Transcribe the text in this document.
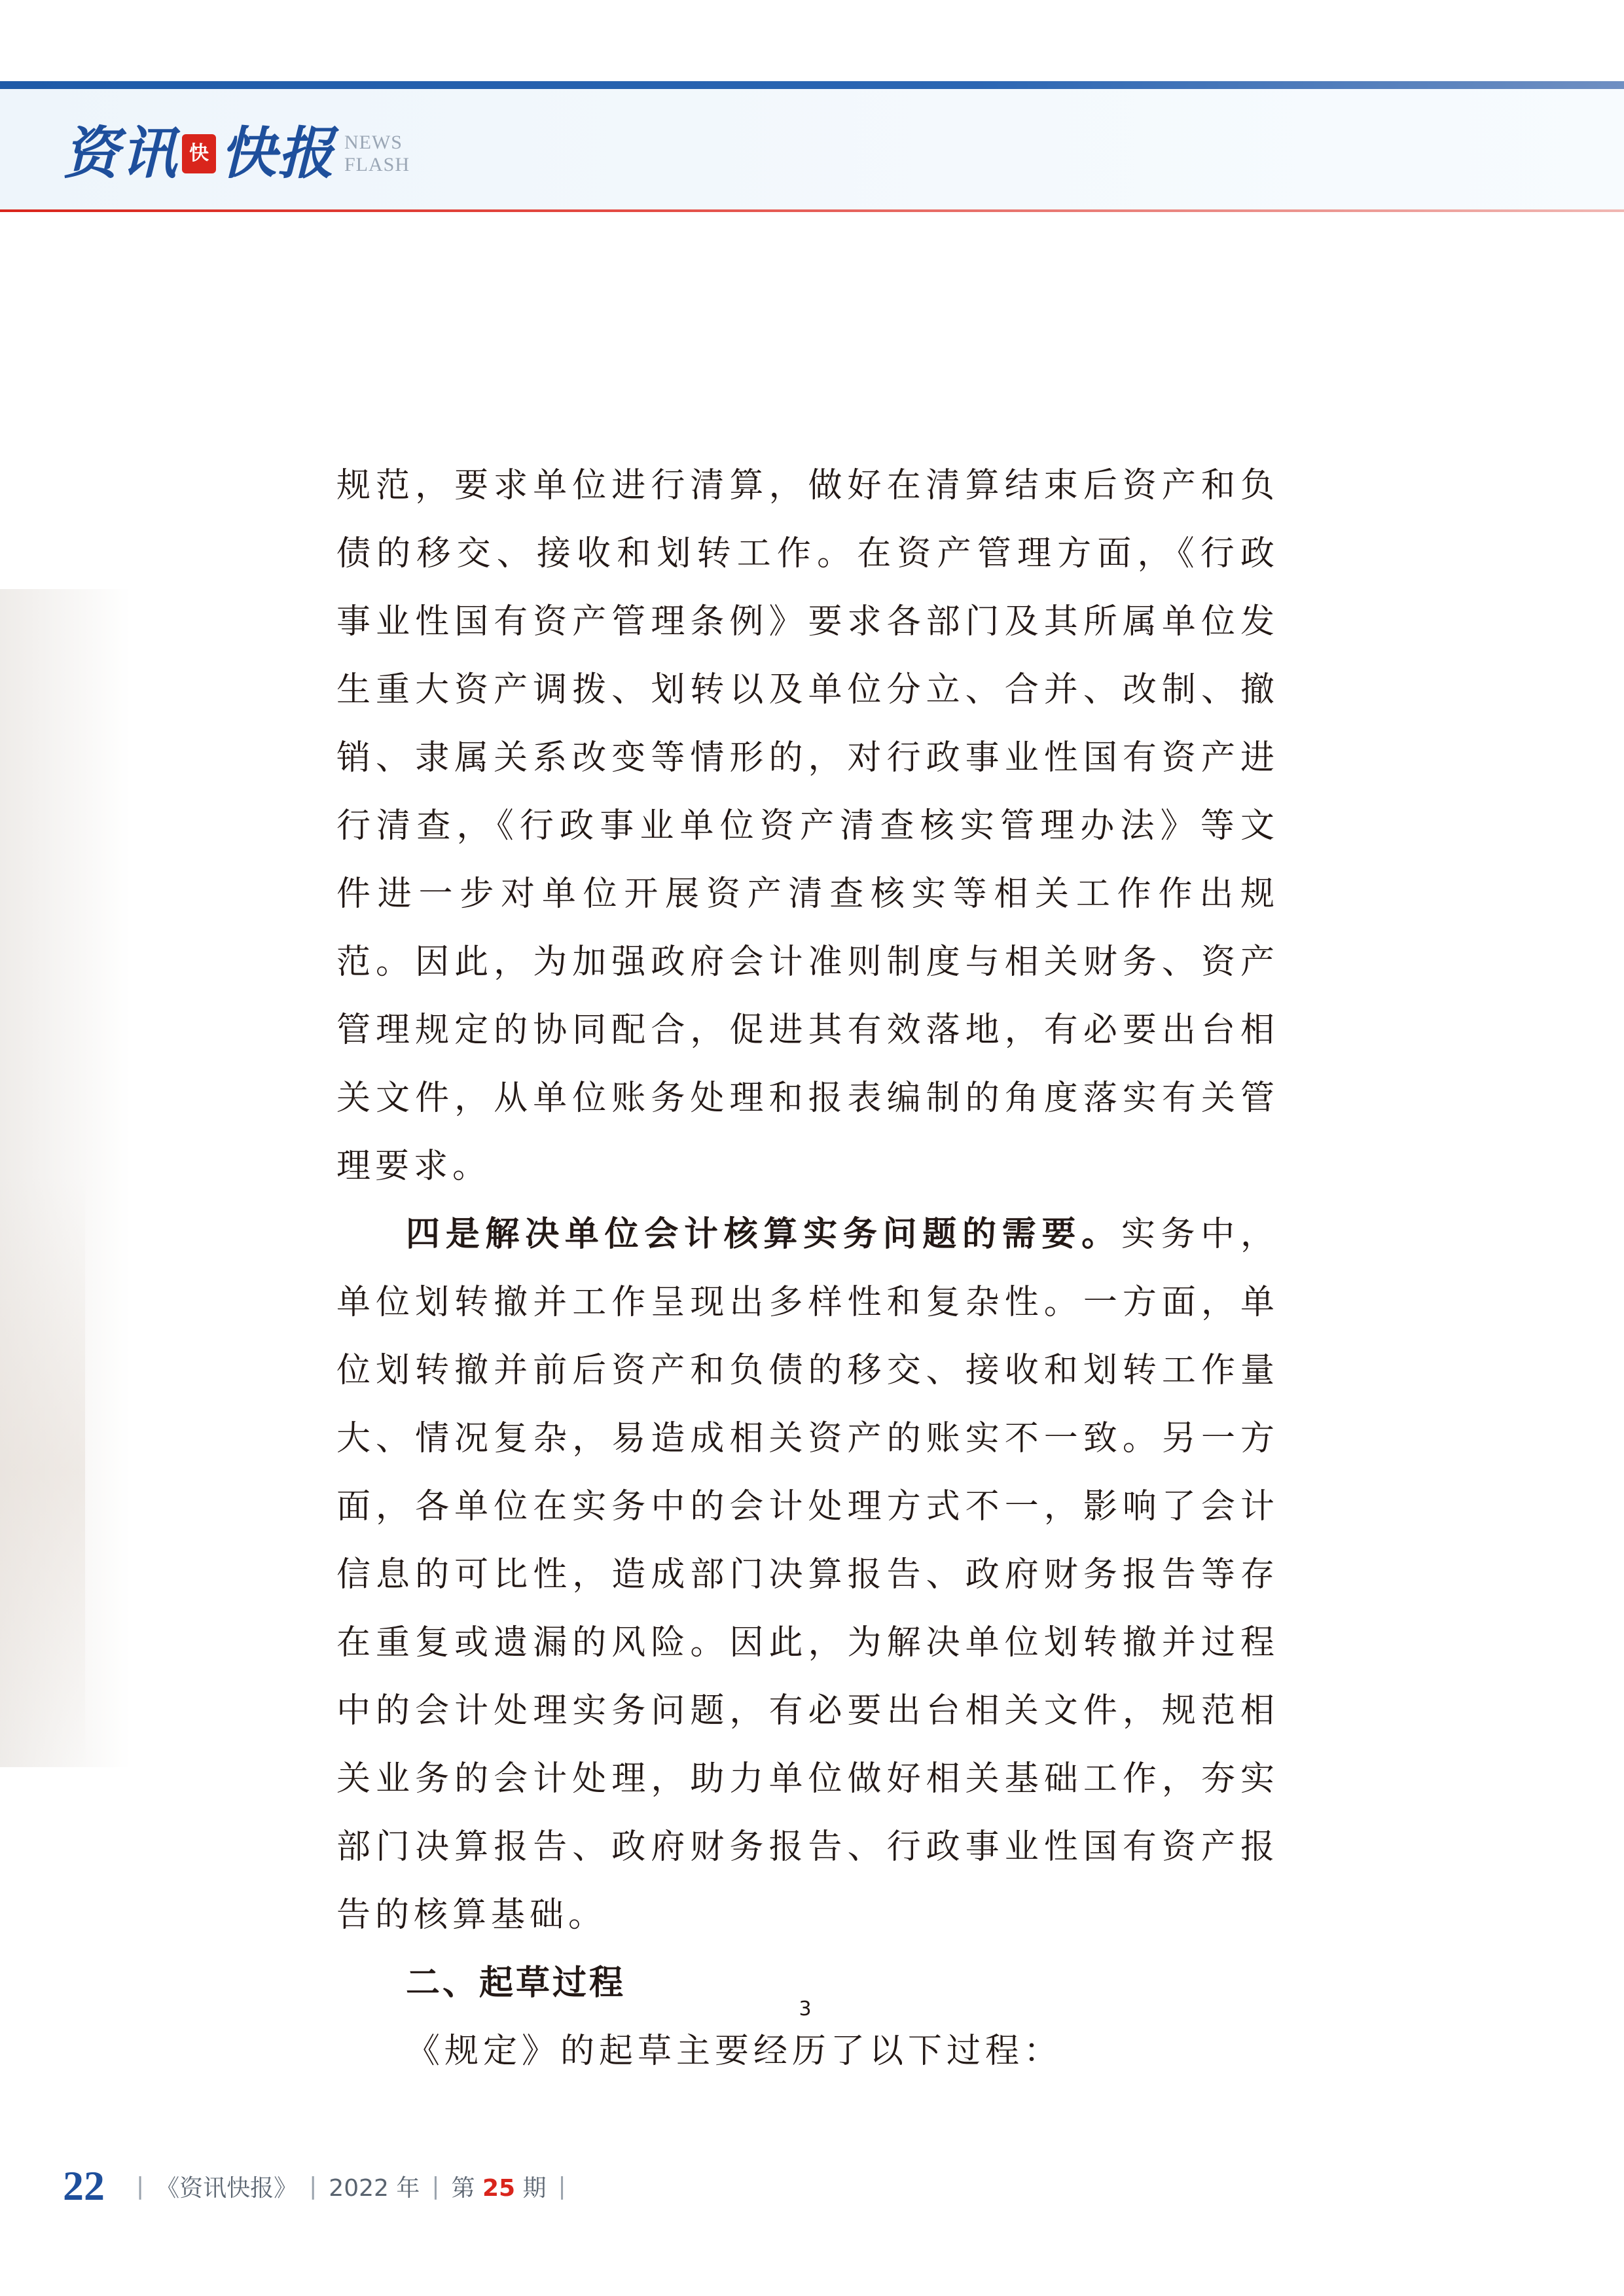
资讯 快 快报 NEWS
FLASH

规范，要求单位进行清算，做好在清算结束后资产和负债的移交、接收和划转工作。在资产管理方面，《行政事业性国有资产管理条例》要求各部门及其所属单位发生重大资产调拨、划转以及单位分立、合并、改制、撤销、隶属关系改变等情形的，对行政事业性国有资产进行清查，《行政事业单位资产清查核实管理办法》等文件进一步对单位开展资产清查核实等相关工作作出规范。因此，为加强政府会计准则制度与相关财务、资产管理规定的协同配合，促进其有效落地，有必要出台相关文件，从单位账务处理和报表编制的角度落实有关管理要求。

四是解决单位会计核算实务问题的需要。实务中，单位划转撤并工作呈现出多样性和复杂性。一方面，单位划转撤并前后资产和负债的移交、接收和划转工作量大、情况复杂，易造成相关资产的账实不一致。另一方面，各单位在实务中的会计处理方式不一，影响了会计信息的可比性，造成部门决算报告、政府财务报告等存在重复或遗漏的风险。因此，为解决单位划转撤并过程中的会计处理实务问题，有必要出台相关文件，规范相关业务的会计处理，助力单位做好相关基础工作，夯实部门决算报告、政府财务报告、行政事业性国有资产报告的核算基础。

二、起草过程

《规定》的起草主要经历了以下过程：

3
22 | 《资讯快报》 | 2022 年 | 第 25 期 |
